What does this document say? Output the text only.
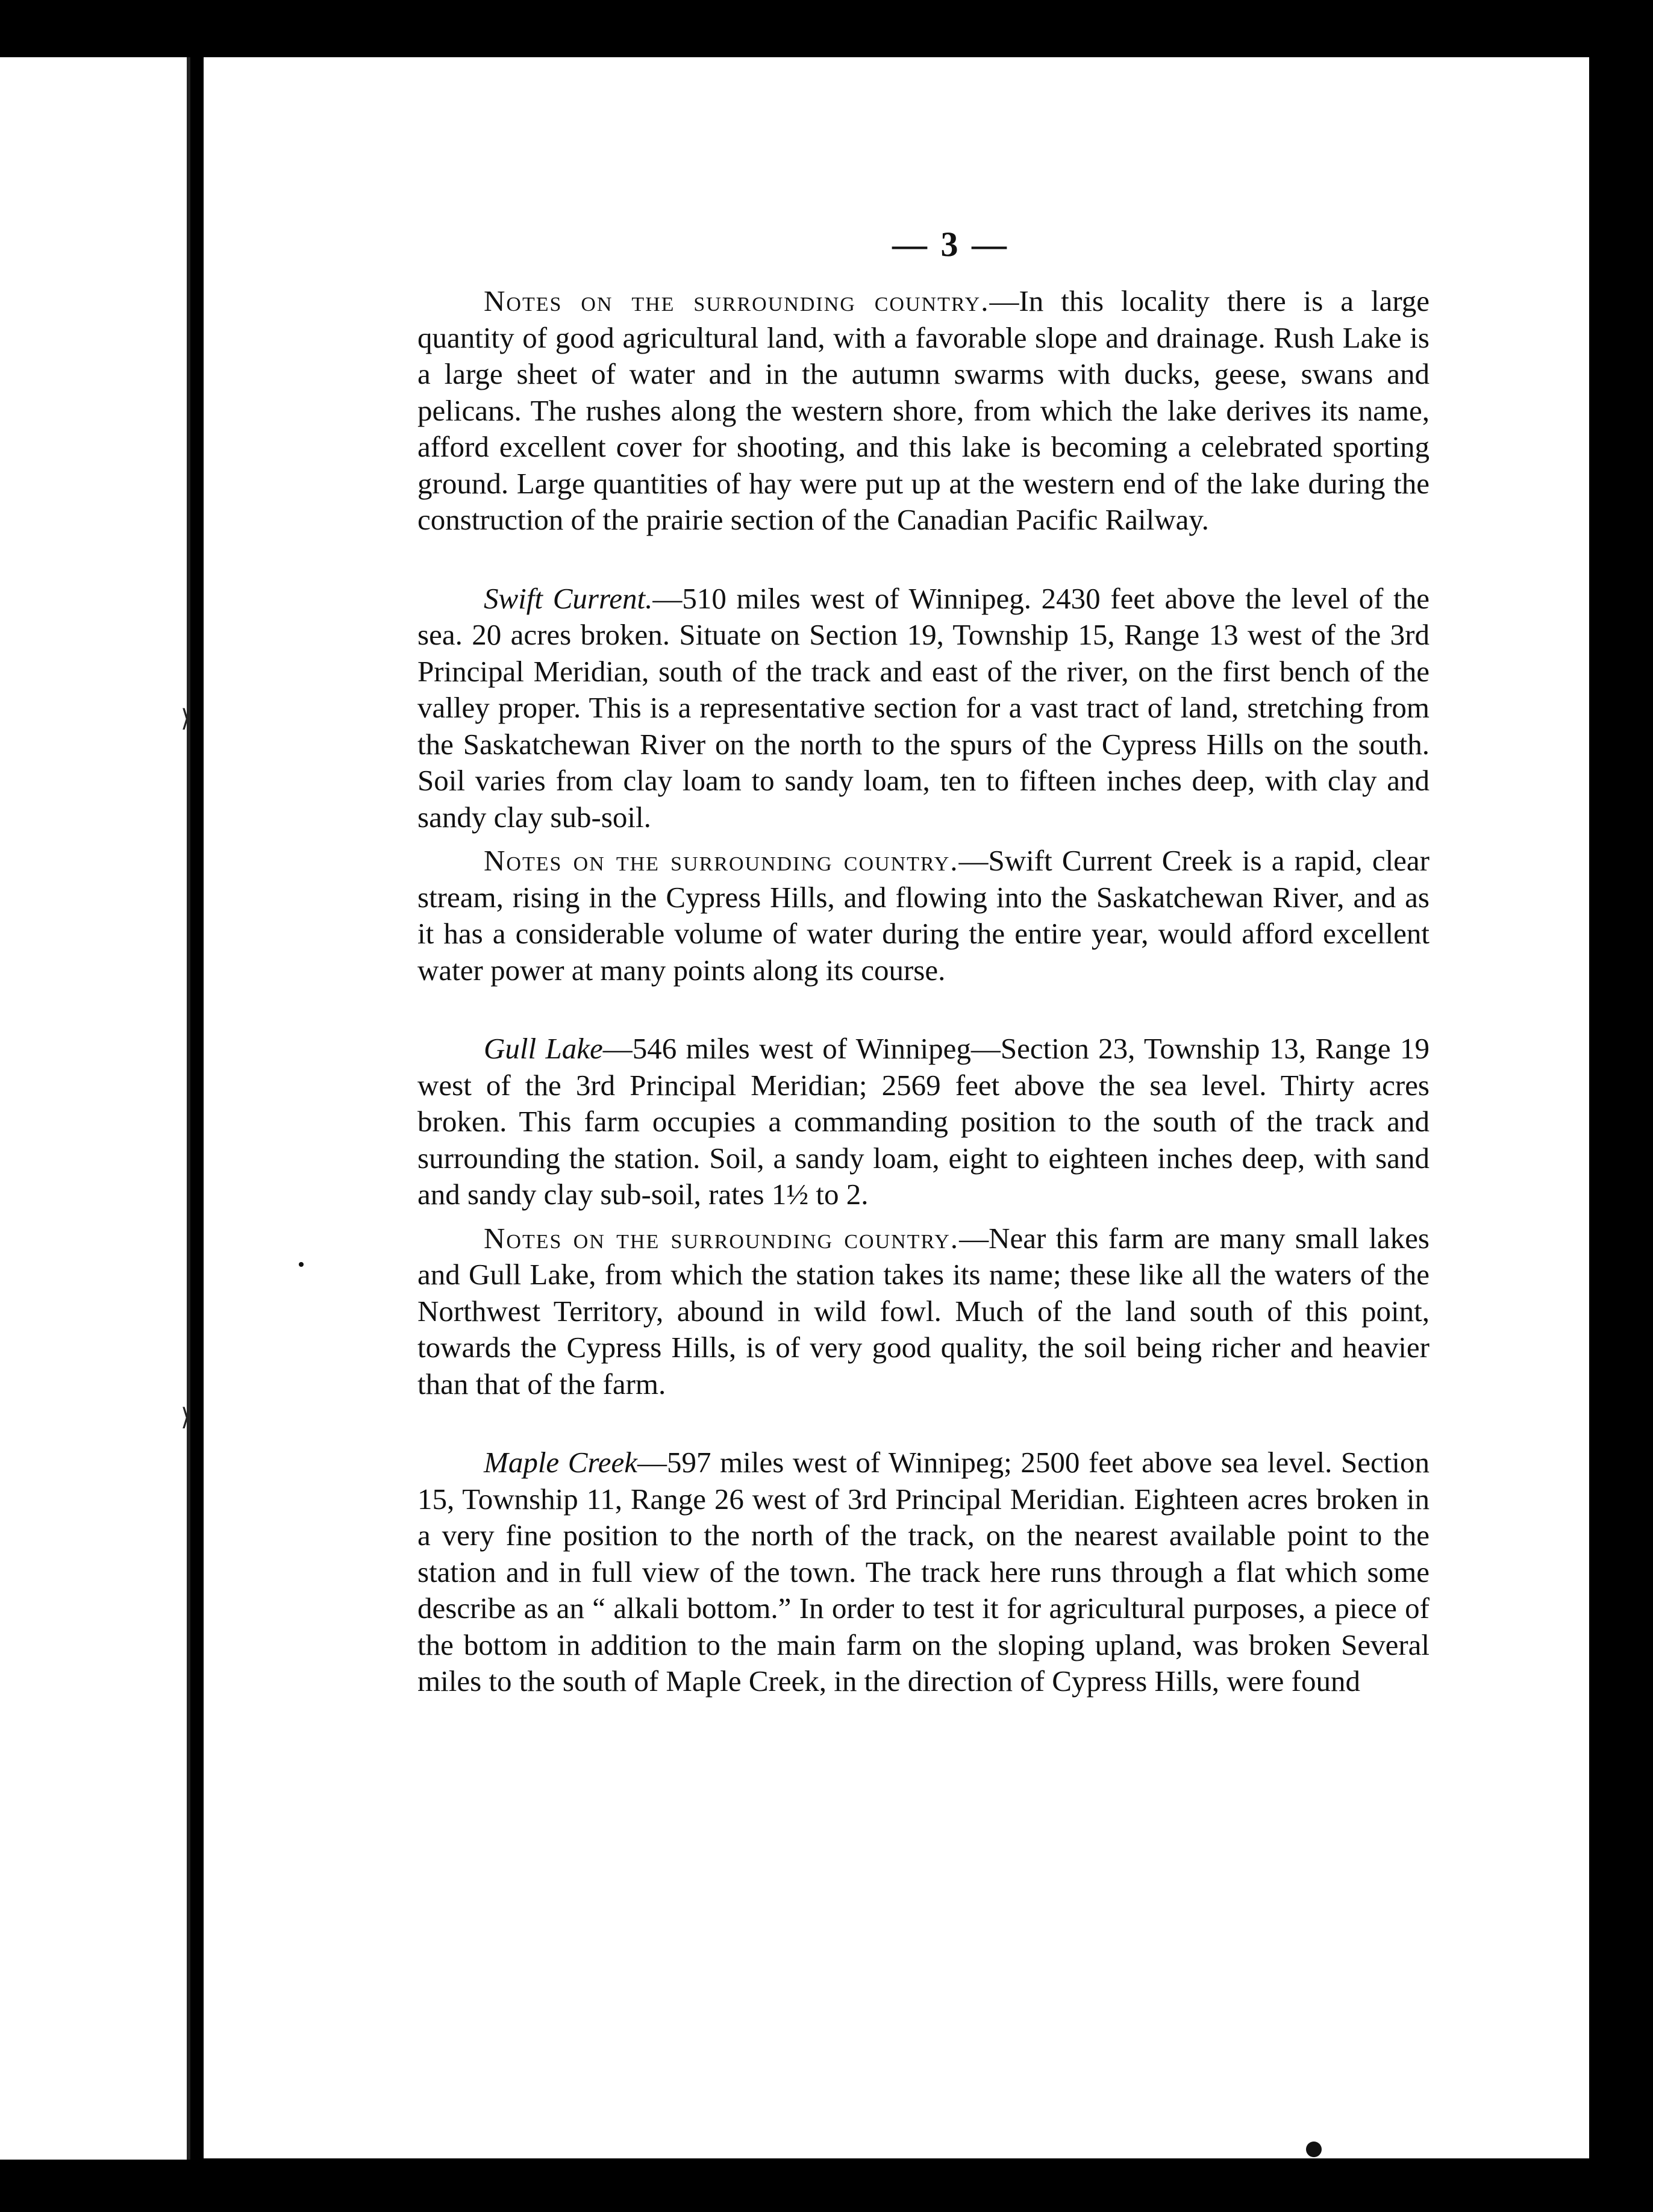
— 3 —

Notes on the surrounding country.—In this locality there is a large quantity of good agricultural land, with a favorable slope and drainage. Rush Lake is a large sheet of water and in the autumn swarms with ducks, geese, swans and pelicans. The rushes along the western shore, from which the lake derives its name, afford excellent cover for shooting, and this lake is becoming a celebrated sporting ground. Large quantities of hay were put up at the western end of the lake during the construction of the prairie section of the Canadian Pacific Railway.

Swift Current.—510 miles west of Winnipeg. 2430 feet above the level of the sea. 20 acres broken. Situate on Section 19, Township 15, Range 13 west of the 3rd Principal Meridian, south of the track and east of the river, on the first bench of the valley proper. This is a representative section for a vast tract of land, stretching from the Saskatchewan River on the north to the spurs of the Cypress Hills on the south. Soil varies from clay loam to sandy loam, ten to fifteen inches deep, with clay and sandy clay sub-soil.

Notes on the surrounding country.—Swift Current Creek is a rapid, clear stream, rising in the Cypress Hills, and flowing into the Saskatchewan River, and as it has a considerable volume of water during the entire year, would afford excellent water power at many points along its course.

Gull Lake—546 miles west of Winnipeg—Section 23, Township 13, Range 19 west of the 3rd Principal Meridian; 2569 feet above the sea level. Thirty acres broken. This farm occupies a commanding position to the south of the track and surrounding the station. Soil, a sandy loam, eight to eighteen inches deep, with sand and sandy clay sub-soil, rates 1½ to 2.

Notes on the surrounding country.—Near this farm are many small lakes and Gull Lake, from which the station takes its name; these like all the waters of the Northwest Territory, abound in wild fowl. Much of the land south of this point, towards the Cypress Hills, is of very good quality, the soil being richer and heavier than that of the farm.

Maple Creek—597 miles west of Winnipeg; 2500 feet above sea level. Section 15, Township 11, Range 26 west of 3rd Principal Meridian. Eighteen acres broken in a very fine position to the north of the track, on the nearest available point to the station and in full view of the town. The track here runs through a flat which some describe as an “ alkali bottom.” In order to test it for agricultural purposes, a piece of the bottom in addition to the main farm on the sloping upland, was broken Several miles to the south of Maple Creek, in the direction of Cypress Hills, were found

⟩
⟩
